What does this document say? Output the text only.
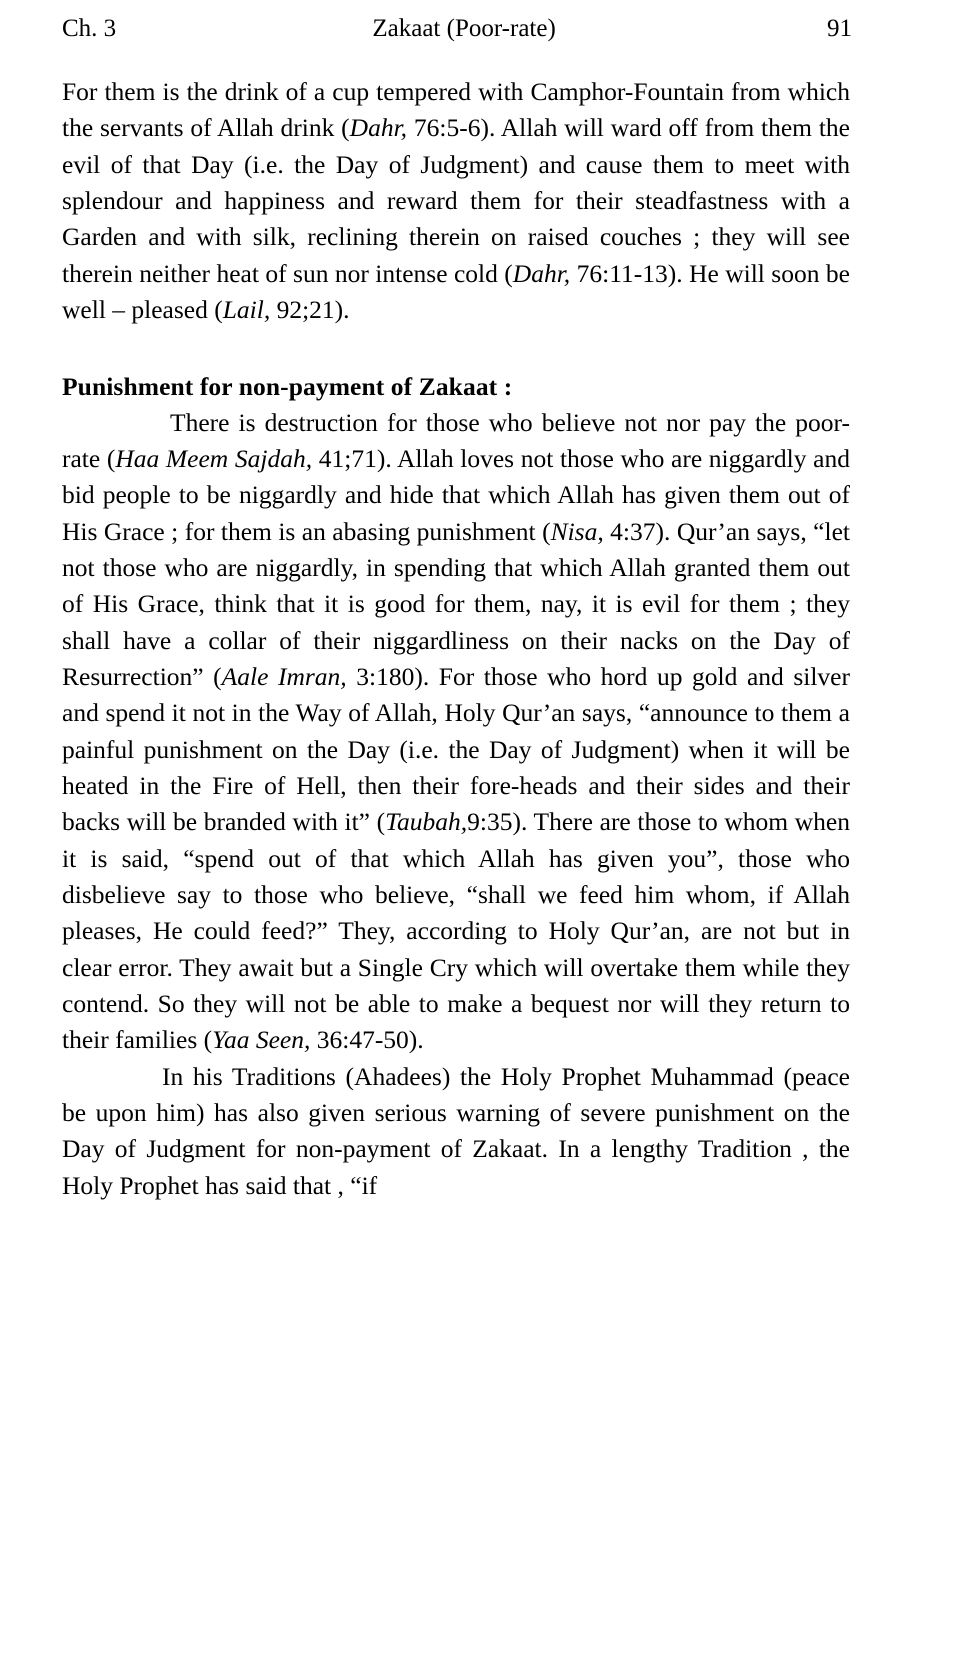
Ch. 3	Zakaat (Poor-rate)	91

For them is the drink of a cup tempered with Camphor-Fountain from which the servants of Allah drink (Dahr, 76:5-6). Allah will ward off from them the evil of that Day (i.e. the Day of Judgment) and cause them to meet with splendour and happiness and reward them for their steadfastness with a Garden and with silk, reclining therein on raised couches ; they will see therein neither heat of sun nor intense cold (Dahr, 76:11-13). He will soon be well – pleased (Lail, 92;21).

Punishment for non-payment of Zakaat :

There is destruction for those who believe not nor pay the poor-rate (Haa Meem Sajdah, 41;71). Allah loves not those who are niggardly and bid people to be niggardly and hide that which Allah has given them out of His Grace ; for them is an abasing punishment (Nisa, 4:37). Qur’an says, “let not those who are niggardly, in spending that which Allah granted them out of His Grace, think that it is good for them, nay, it is evil for them ; they shall have a collar of their niggardliness on their nacks on the Day of Resurrection” (Aale Imran, 3:180). For those who hord up gold and silver and spend it not in the Way of Allah, Holy Qur’an says, “announce to them a painful punishment on the Day (i.e. the Day of Judgment) when it will be heated in the Fire of Hell, then their fore-heads and their sides and their backs will be branded with it” (Taubah,9:35). There are those to whom when it is said, “spend out of that which Allah has given you”, those who disbelieve say to those who believe, “shall we feed him whom, if Allah pleases, He could feed?” They, according to Holy Qur’an, are not but in clear error. They await but a Single Cry which will overtake them while they contend. So they will not be able to make a bequest nor will they return to their families (Yaa Seen, 36:47-50).

In his Traditions (Ahadees) the Holy Prophet Muhammad (peace be upon him) has also given serious warning of severe punishment on the Day of Judgment for non-payment of Zakaat. In a lengthy Tradition , the Holy Prophet has said that , “if
